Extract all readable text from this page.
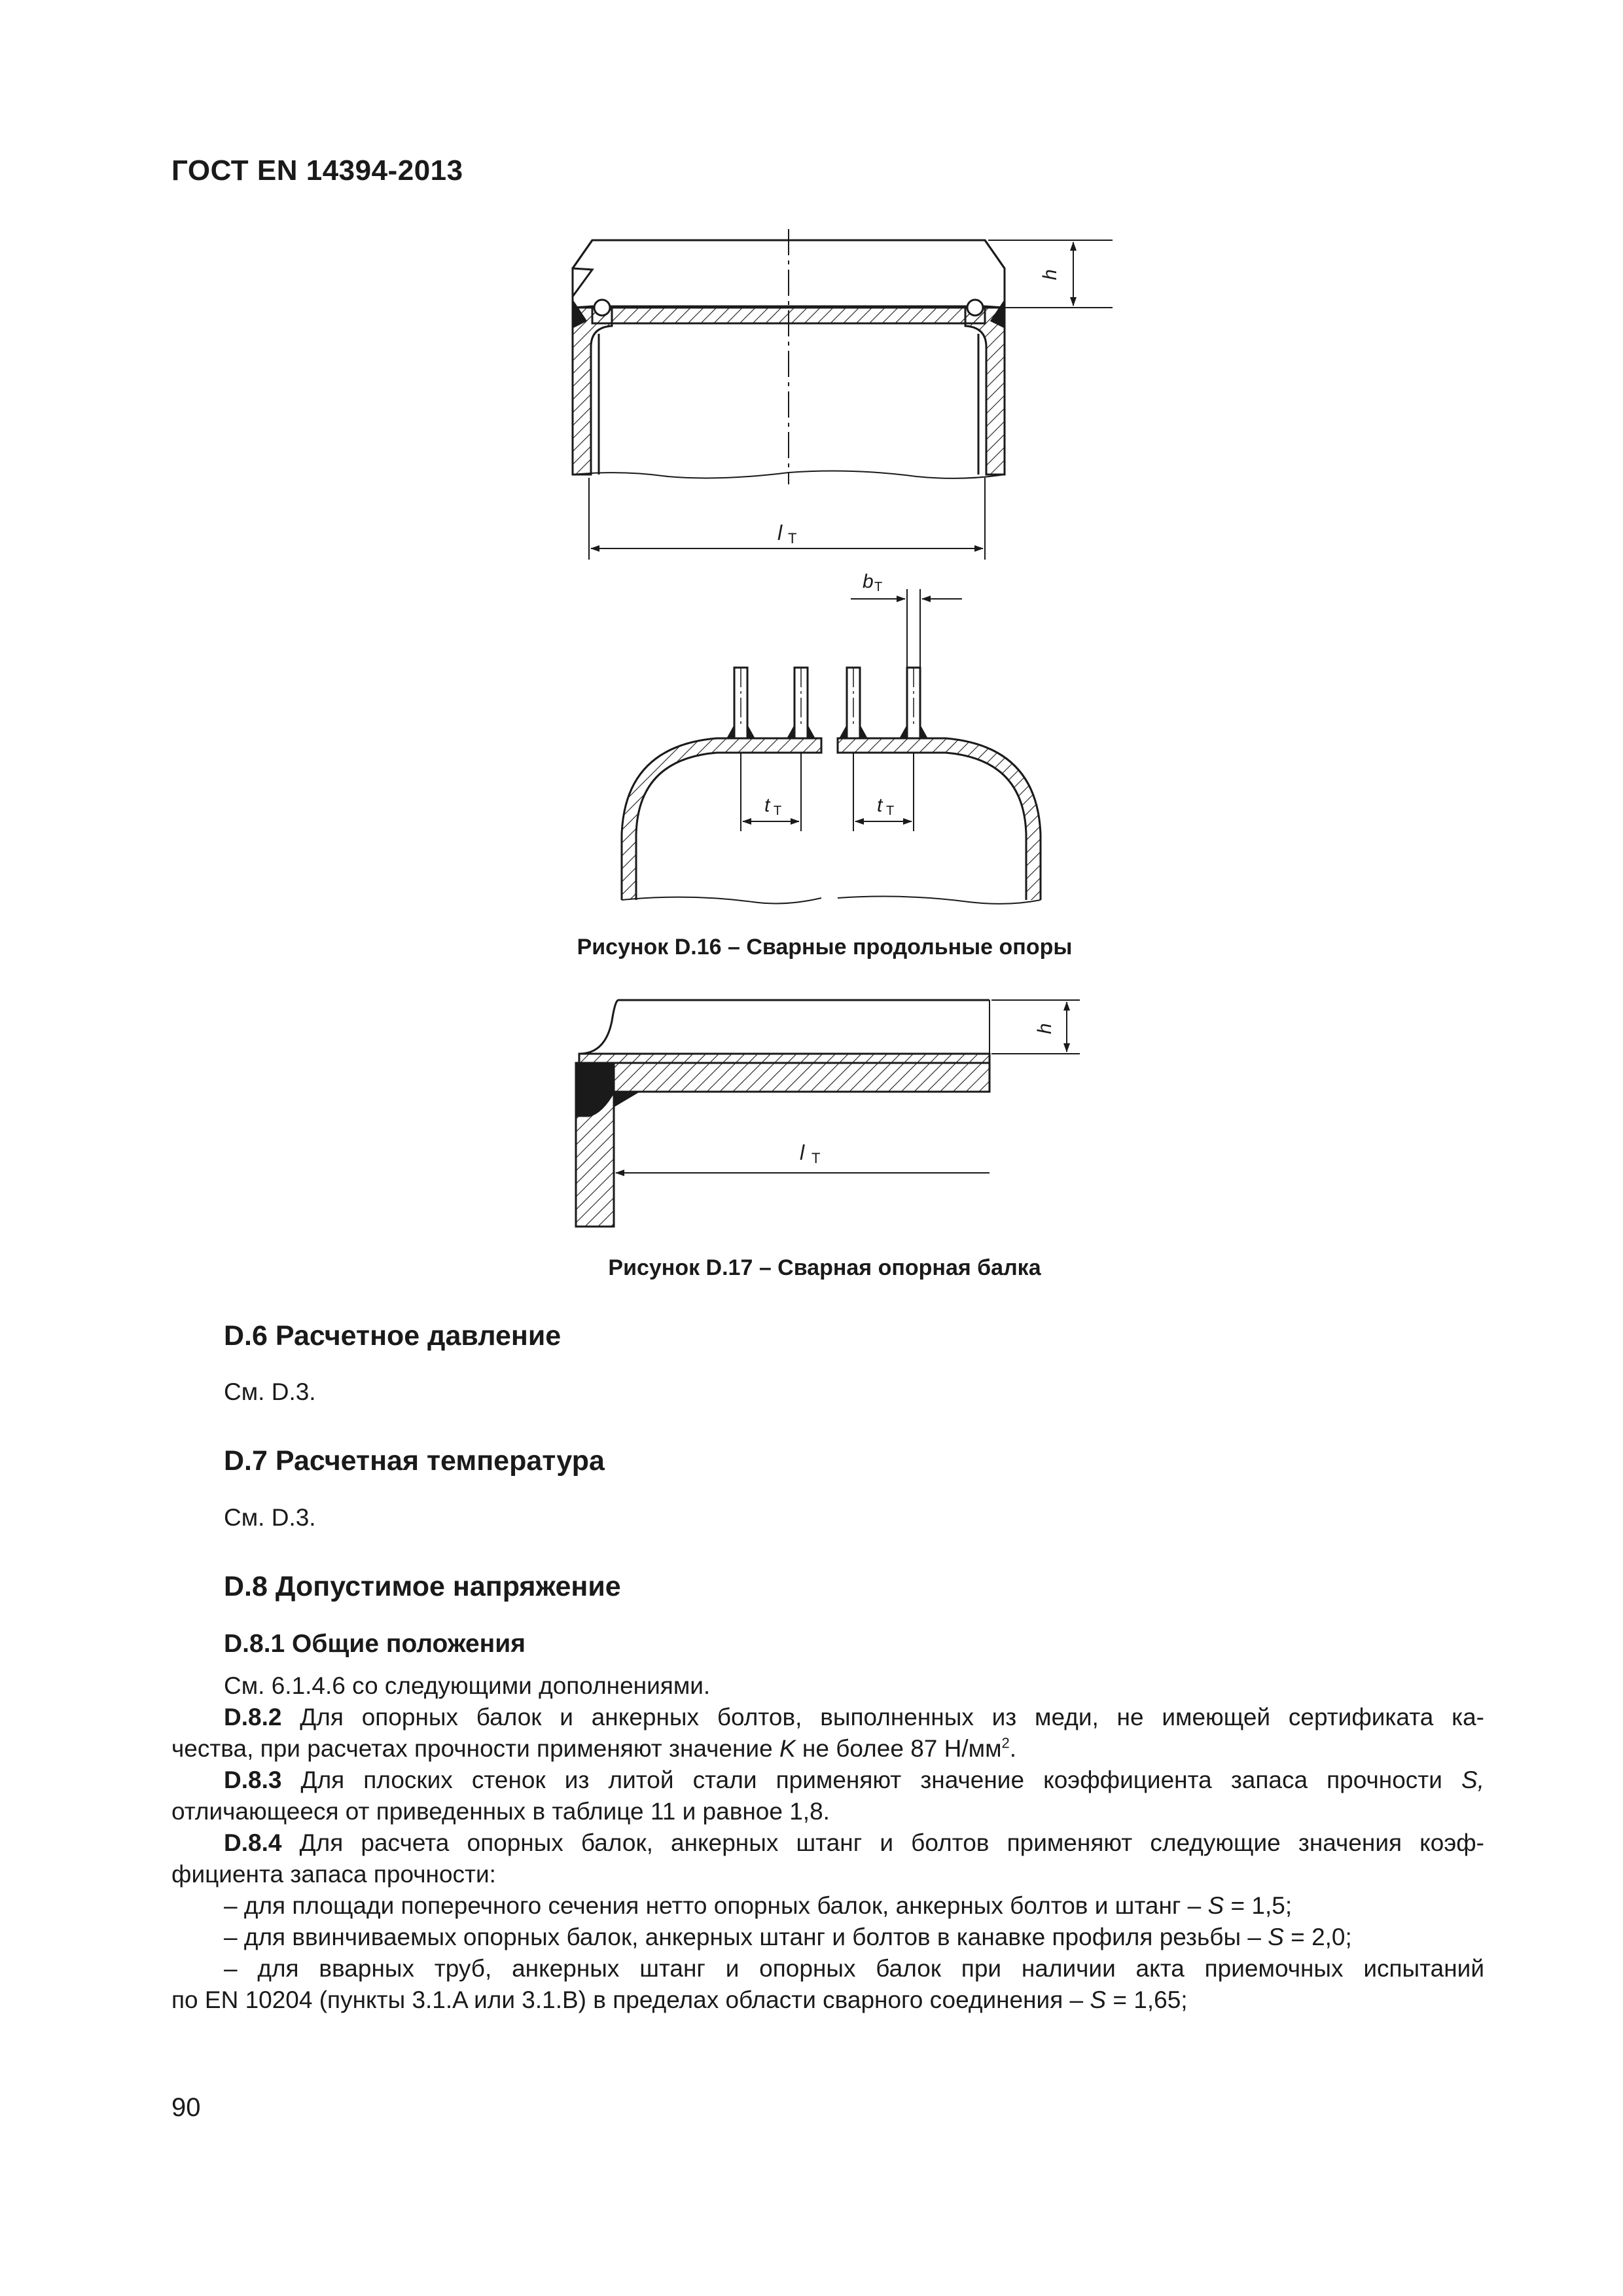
ГОСТ EN 14394-2013
h
l T
t T	t T
b T
Рисунок D.16 – Сварные продольные опоры
h
l T
Рисунок D.17 – Сварная опорная балка
D.6 Расчетное давление
См. D.3.
D.7 Расчетная температура
См. D.3.
D.8 Допустимое напряжение
D.8.1 Общие положения

См. 6.1.4.6 со следующими дополнениями.

D.8.2 Для опорных балок и анкерных болтов, выполненных из меди, не имеющей сертификата ка-

чества, при расчетах прочности применяют значение K не более 87 $Н/мм^2$.

D.8.3 Для плоских стенок из литой стали применяют значение коэффициента запаса прочности S,

отличающееся от приведенных в таблице 11 и равное 1,8.

D.8.4 Для расчета опорных балок, анкерных штанг и болтов применяют следующие значения коэф-

фициента запаса прочности:

– для площади поперечного сечения нетто опорных балок, анкерных болтов и штанг – S = 1,5;

– для ввинчиваемых опорных балок, анкерных штанг и болтов в канавке профиля резьбы – S = 2,0;

– для вварных труб, анкерных штанг и опорных балок при наличии акта приемочных испытаний

по EN 10204 (пункты 3.1.A или 3.1.B) в пределах области сварного соединения – S = 1,65;

90
